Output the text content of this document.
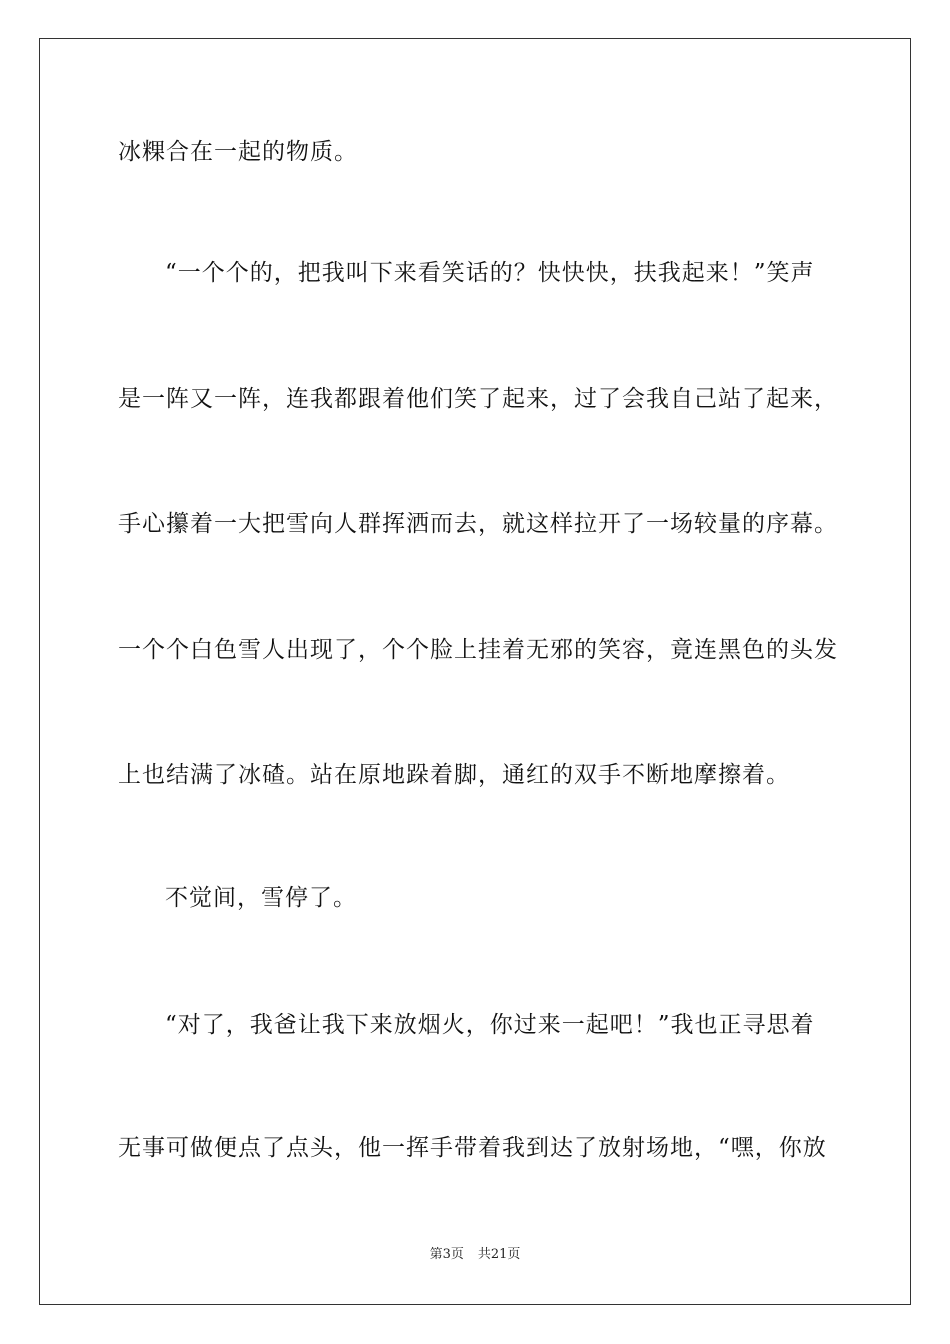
冰粿合在一起的物质。
“一个个的，把我叫下来看笑话的？快快快，扶我起来！”笑声
是一阵又一阵，连我都跟着他们笑了起来，过了会我自己站了起来，
手心攥着一大把雪向人群挥洒而去，就这样拉开了一场较量的序幕。
一个个白色雪人出现了，个个脸上挂着无邪的笑容，竟连黑色的头发
上也结满了冰碴。站在原地跺着脚，通红的双手不断地摩擦着。
不觉间，雪停了。
“对了，我爸让我下来放烟火，你过来一起吧！”我也正寻思着
无事可做便点了点头，他一挥手带着我到达了放射场地，“嘿，你放
第3页 共21页
